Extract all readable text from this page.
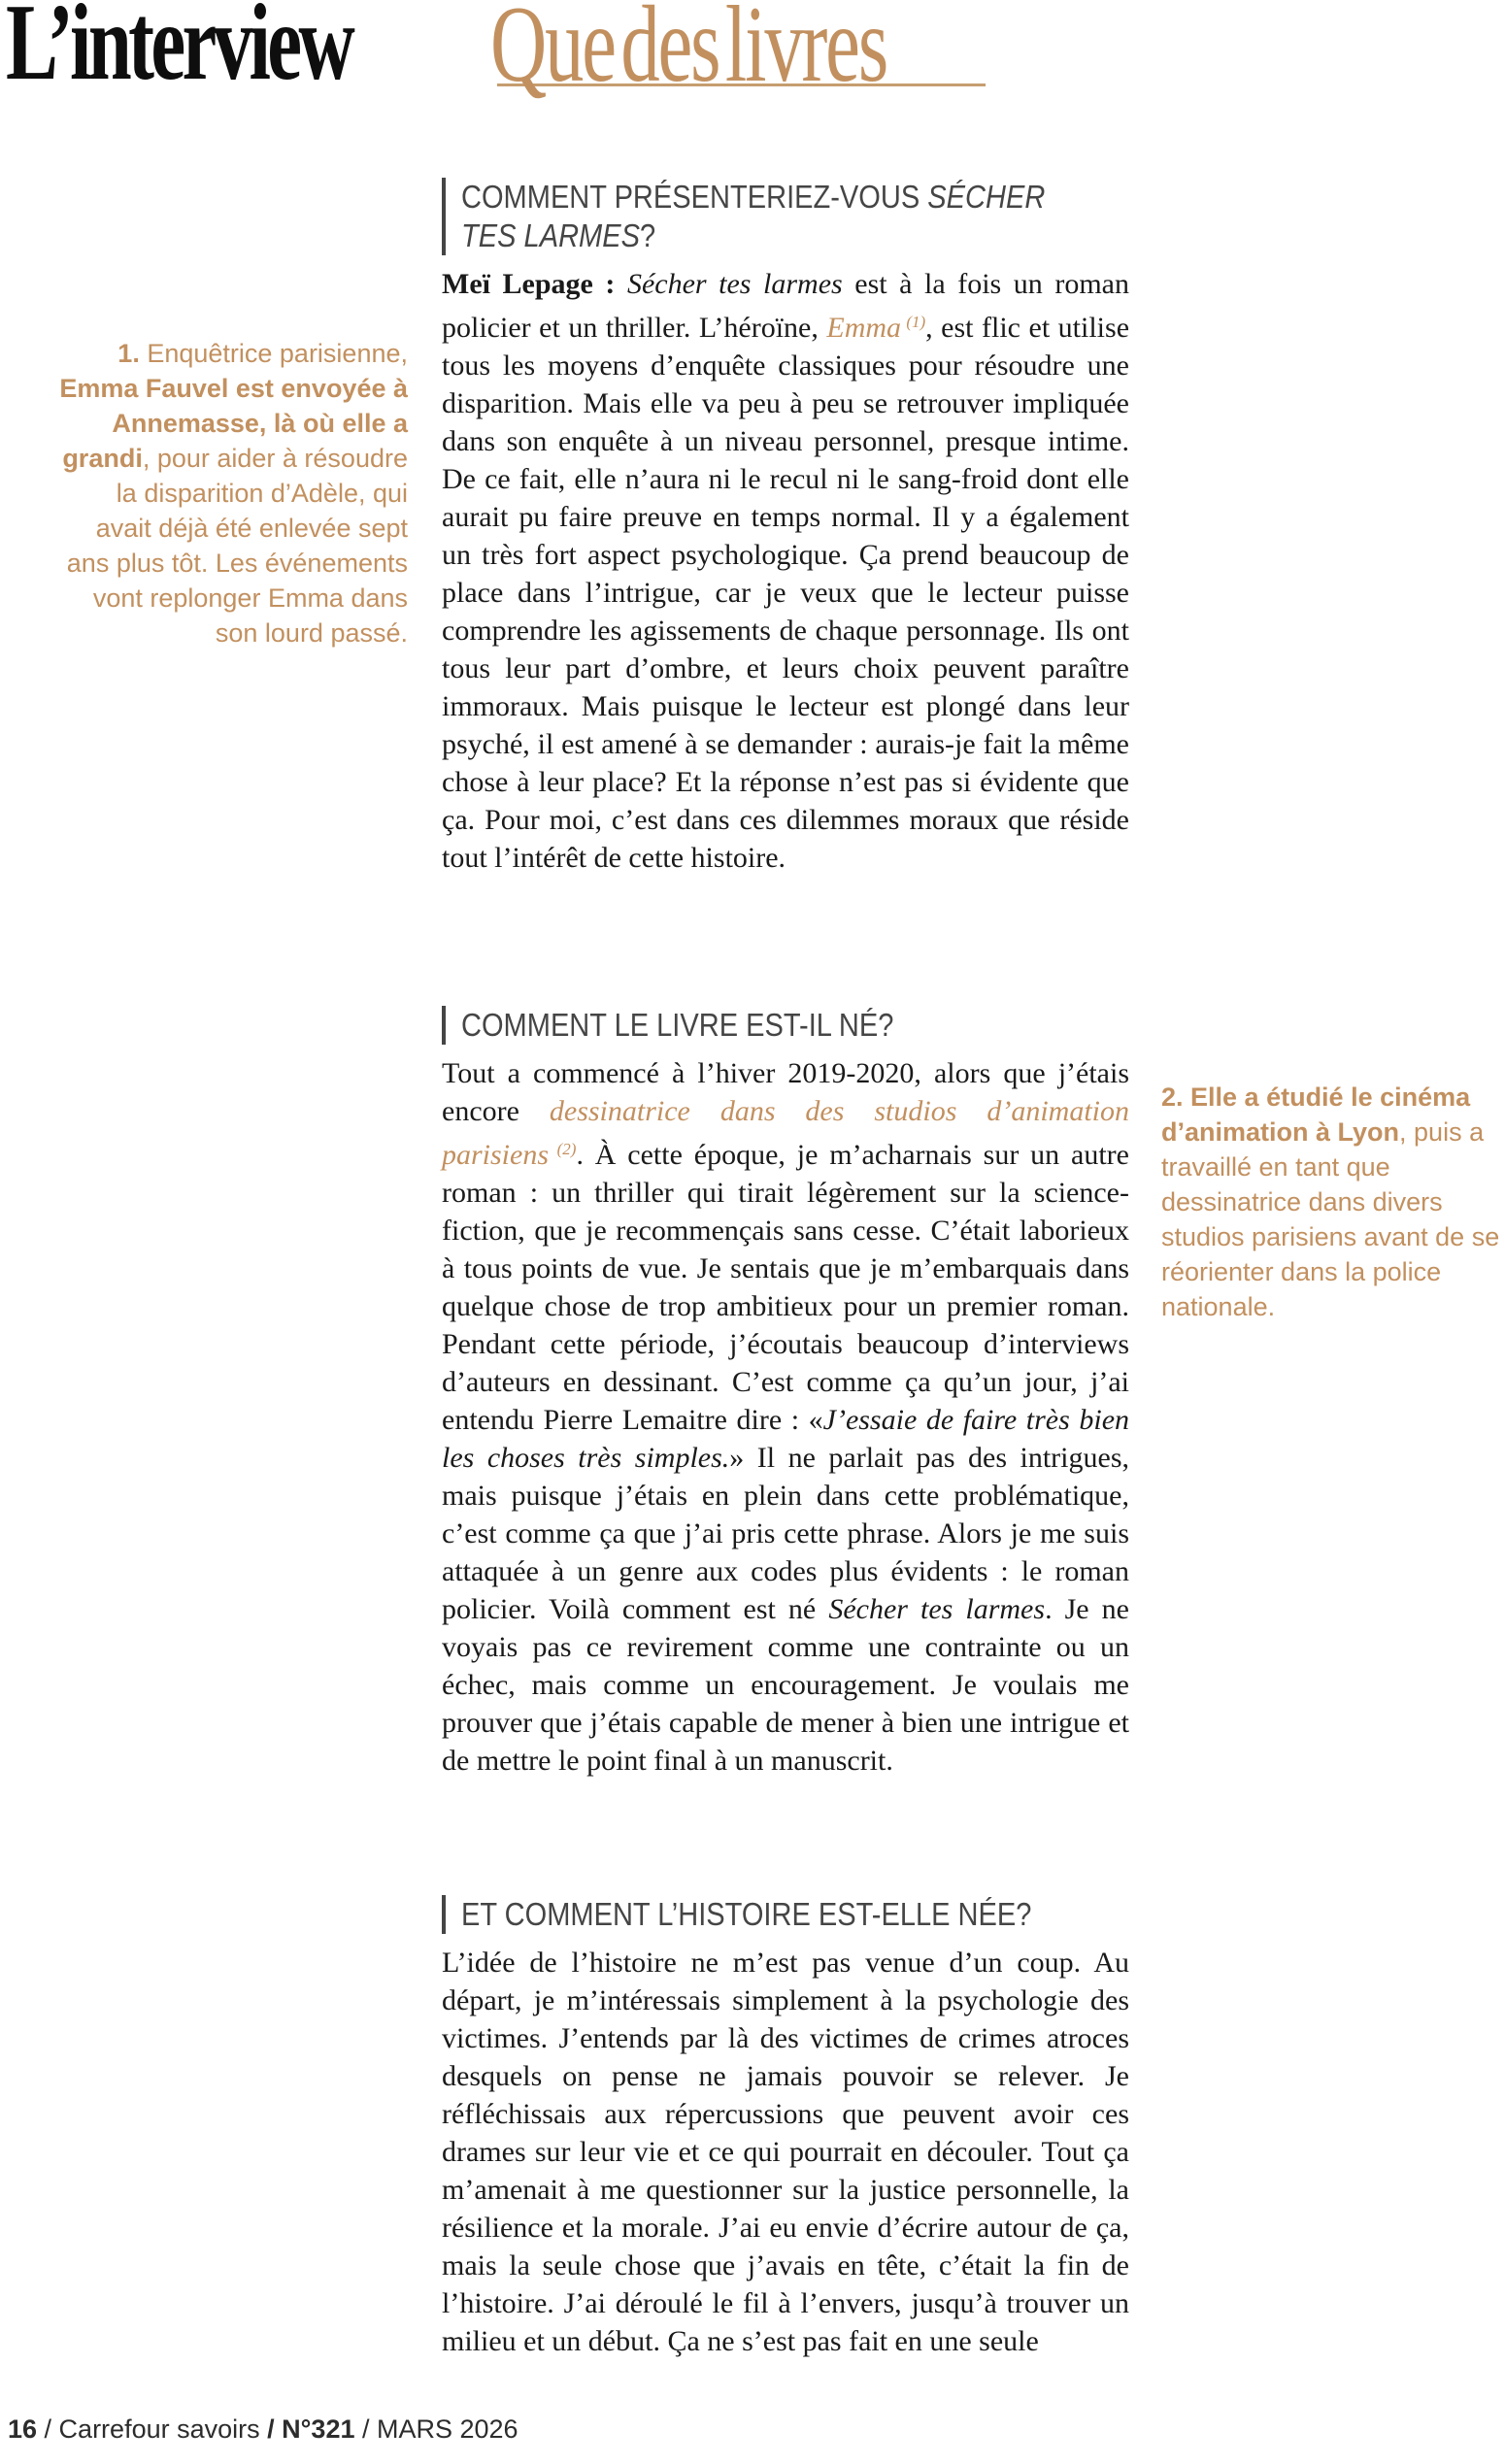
L’interview Que des livres
1. Enquêtrice parisienne, Emma Fauvel est envoyée à Annemasse, là où elle a grandi, pour aider à résoudre la disparition d’Adèle, qui avait déjà été enlevée sept ans plus tôt. Les événements vont replonger Emma dans son lourd passé.
2. Elle a étudié le cinéma d’animation à Lyon, puis a travaillé en tant que dessinatrice dans divers studios parisiens avant de se réorienter dans la police nationale.
COMMENT PRÉSENTERIEZ-VOUS SÉCHER
TES LARMES?
Meï Lepage : Sécher tes larmes est à la fois un roman policier et un thriller. L’héroïne, Emma $^{(1)}$, est flic et utilise tous les moyens d’enquête classiques pour résoudre une disparition. Mais elle va peu à peu se retrouver impliquée dans son enquête à un niveau personnel, presque intime. De ce fait, elle n’aura ni le recul ni le sang-froid dont elle aurait pu faire preuve en temps normal. Il y a également un très fort aspect psychologique. Ça prend beaucoup de place dans l’intrigue, car je veux que le lecteur puisse comprendre les agissements de chaque personnage. Ils ont tous leur part d’ombre, et leurs choix peuvent paraître immoraux. Mais puisque le lecteur est plongé dans leur psyché, il est amené à se demander : aurais-je fait la même chose à leur place? Et la réponse n’est pas si évidente que ça. Pour moi, c’est dans ces dilemmes moraux que réside tout l’intérêt de cette histoire.
COMMENT LE LIVRE EST-IL NÉ?
Tout a commencé à l’hiver 2019-2020, alors que j’étais encore dessinatrice dans des studios d’animation parisiens $^{(2)}$. À cette époque, je m’acharnais sur un autre roman : un thriller qui tirait légèrement sur la science-fiction, que je recommençais sans cesse. C’était laborieux à tous points de vue. Je sentais que je m’embarquais dans quelque chose de trop ambitieux pour un premier roman. Pendant cette période, j’écoutais beaucoup d’interviews d’auteurs en dessinant. C’est comme ça qu’un jour, j’ai entendu Pierre Lemaitre dire : «J’essaie de faire très bien les choses très simples.» Il ne parlait pas des intrigues, mais puisque j’étais en plein dans cette problématique, c’est comme ça que j’ai pris cette phrase. Alors je me suis attaquée à un genre aux codes plus évidents : le roman policier. Voilà comment est né Sécher tes larmes. Je ne voyais pas ce revirement comme une contrainte ou un échec, mais comme un encouragement. Je voulais me prouver que j’étais capable de mener à bien une intrigue et de mettre le point final à un manuscrit.
ET COMMENT L’HISTOIRE EST-ELLE NÉE?
L’idée de l’histoire ne m’est pas venue d’un coup. Au départ, je m’intéressais simplement à la psychologie des victimes. J’entends par là des victimes de crimes atroces desquels on pense ne jamais pouvoir se relever. Je réfléchissais aux répercussions que peuvent avoir ces drames sur leur vie et ce qui pourrait en découler. Tout ça m’amenait à me questionner sur la justice personnelle, la résilience et la morale. J’ai eu envie d’écrire autour de ça, mais la seule chose que j’avais en tête, c’était la fin de l’histoire. J’ai déroulé le fil à l’envers, jusqu’à trouver un milieu et un début. Ça ne s’est pas fait en une seule
16 / Carrefour savoirs / N°321 / MARS 2026
